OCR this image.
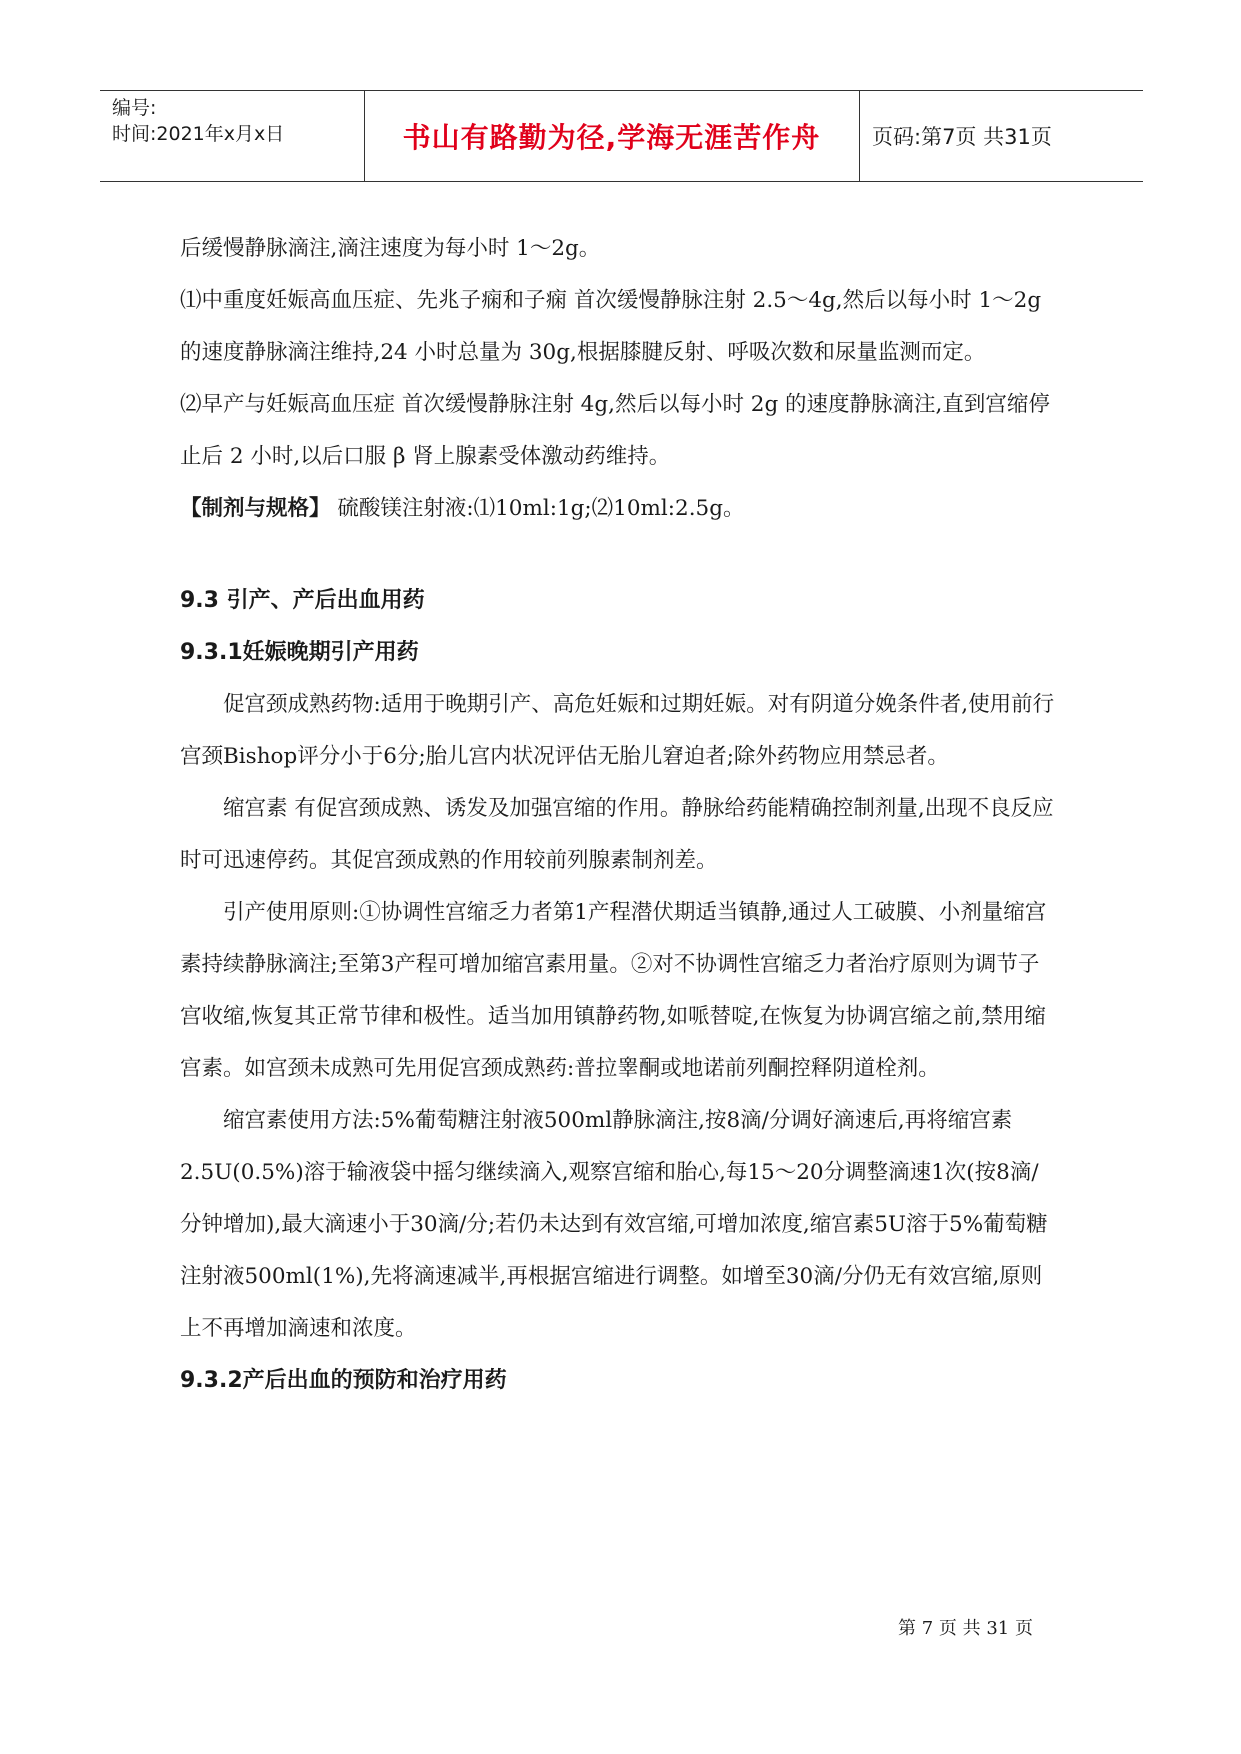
编号:
时间:2021年x月x日	书山有路勤为径,学海无涯苦作舟	页码:第7页 共31页

后缓慢静脉滴注,滴注速度为每小时 1～2g。

⑴中重度妊娠高血压症、先兆子痫和子痫 首次缓慢静脉注射 2.5～4g,然后以每小时 1～2g 的速度静脉滴注维持,24 小时总量为 30g,根据膝腱反射、呼吸次数和尿量监测而定。

⑵早产与妊娠高血压症 首次缓慢静脉注射 4g,然后以每小时 2g 的速度静脉滴注,直到宫缩停止后 2 小时,以后口服 β 肾上腺素受体激动药维持。

【制剂与规格】 硫酸镁注射液:⑴10ml:1g;⑵10ml:2.5g。

9.3 引产、产后出血用药

9.3.1妊娠晚期引产用药

促宫颈成熟药物:适用于晚期引产、高危妊娠和过期妊娠。对有阴道分娩条件者,使用前行宫颈Bishop评分小于6分;胎儿宫内状况评估无胎儿窘迫者;除外药物应用禁忌者。

缩宫素 有促宫颈成熟、诱发及加强宫缩的作用。静脉给药能精确控制剂量,出现不良反应时可迅速停药。其促宫颈成熟的作用较前列腺素制剂差。

引产使用原则:①协调性宫缩乏力者第1产程潜伏期适当镇静,通过人工破膜、小剂量缩宫素持续静脉滴注;至第3产程可增加缩宫素用量。②对不协调性宫缩乏力者治疗原则为调节子宫收缩,恢复其正常节律和极性。适当加用镇静药物,如哌替啶,在恢复为协调宫缩之前,禁用缩宫素。如宫颈未成熟可先用促宫颈成熟药:普拉睾酮或地诺前列酮控释阴道栓剂。

缩宫素使用方法:5%葡萄糖注射液500ml静脉滴注,按8滴/分调好滴速后,再将缩宫素2.5U(0.5%)溶于输液袋中摇匀继续滴入,观察宫缩和胎心,每15～20分调整滴速1次(按8滴/分钟增加),最大滴速小于30滴/分;若仍未达到有效宫缩,可增加浓度,缩宫素5U溶于5%葡萄糖注射液500ml(1%),先将滴速减半,再根据宫缩进行调整。如增至30滴/分仍无有效宫缩,原则上不再增加滴速和浓度。

9.3.2产后出血的预防和治疗用药

第 7 页 共 31 页
